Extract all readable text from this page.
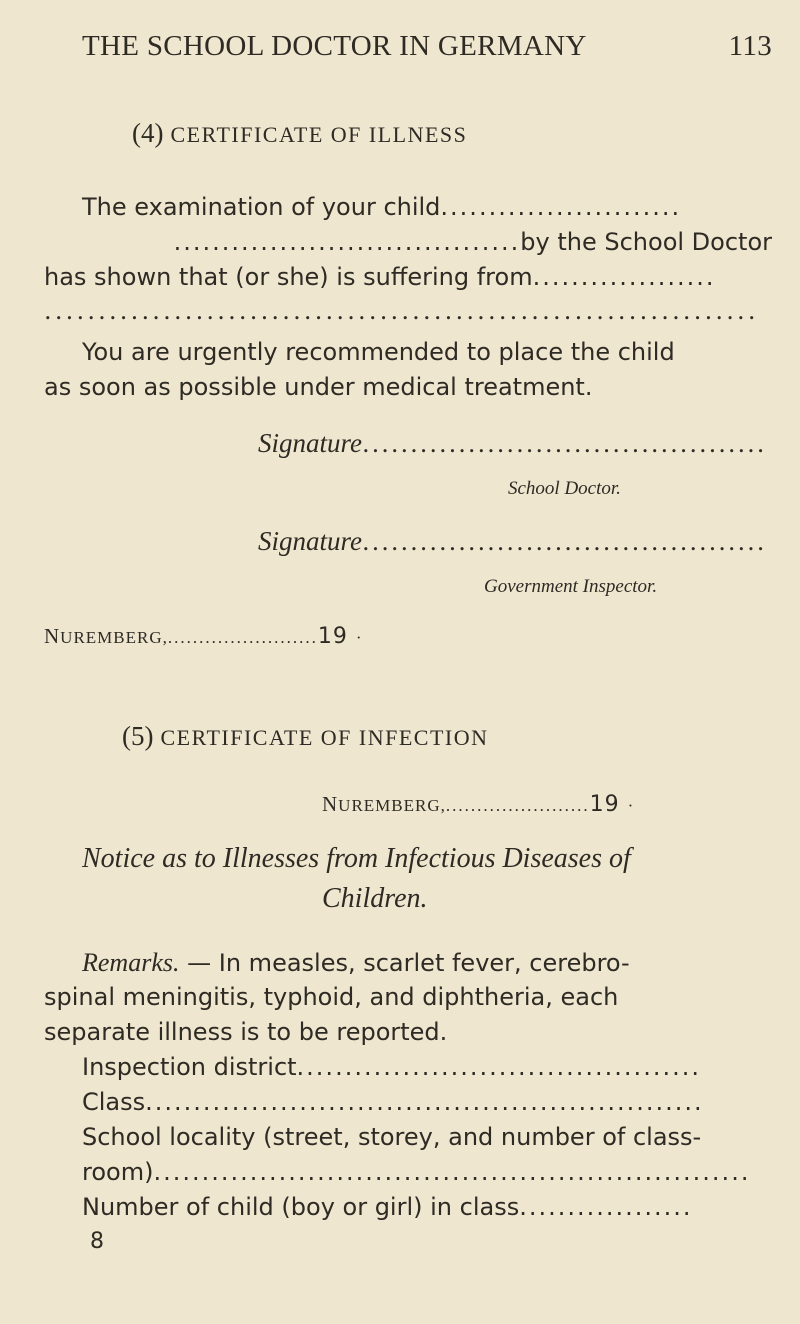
THE SCHOOL DOCTOR IN GERMANY	113
(4) CERTIFICATE OF ILLNESS
The examination of your child.........................
....................................by the School Doctor
has shown that (or she) is suffering from...................
..................................................................
You are urgently recommended to place the child
as soon as possible under medical treatment.
Signature..........................................
School Doctor.
Signature..........................................
Government Inspector.
NUREMBERG,........................19 ·
(5) CERTIFICATE OF INFECTION
NUREMBERG,.......................19 ·
Notice as to Illnesses from Infectious Diseases of
Children.
Remarks. — In measles, scarlet fever, cerebro-
spinal meningitis, typhoid, and diphtheria, each
separate illness is to be reported.
Inspection district..........................................
Class..........................................................
School locality (street, storey, and number of class-
room)..............................................................
Number of child (boy or girl) in class..................
8
